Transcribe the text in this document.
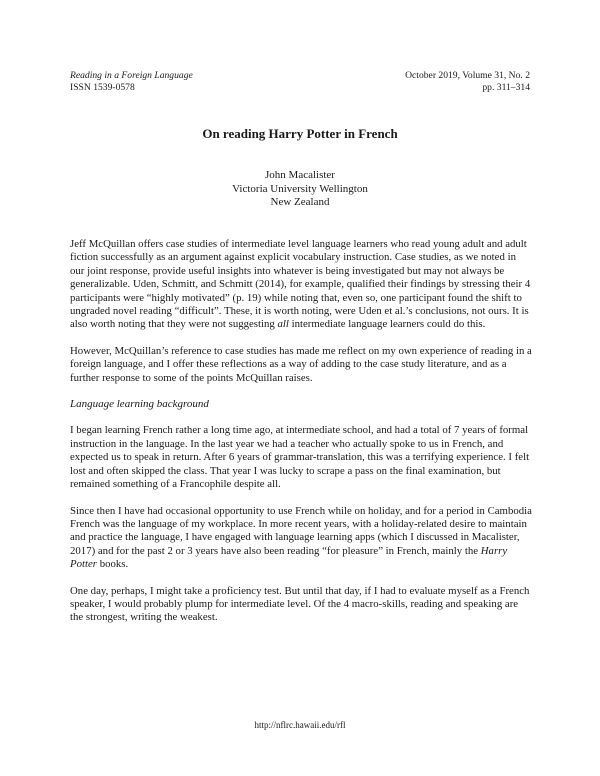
Reading in a Foreign Language
ISSN 1539-0578
October 2019, Volume 31, No. 2
pp. 311–314
On reading Harry Potter in French
John Macalister
Victoria University Wellington
New Zealand

Jeff McQuillan offers case studies of intermediate level language learners who read young adult and adult fiction successfully as an argument against explicit vocabulary instruction. Case studies, as we noted in our joint response, provide useful insights into whatever is being investigated but may not always be generalizable. Uden, Schmitt, and Schmitt (2014), for example, qualified their findings by stressing their 4 participants were “highly motivated” (p. 19) while noting that, even so, one participant found the shift to ungraded novel reading “difficult”. These, it is worth noting, were Uden et al.’s conclusions, not ours. It is also worth noting that they were not suggesting all intermediate language learners could do this.

However, McQuillan’s reference to case studies has made me reflect on my own experience of reading in a foreign language, and I offer these reflections as a way of adding to the case study literature, and as a further response to some of the points McQuillan raises.

Language learning background

I began learning French rather a long time ago, at intermediate school, and had a total of 7 years of formal instruction in the language. In the last year we had a teacher who actually spoke to us in French, and expected us to speak in return. After 6 years of grammar-translation, this was a terrifying experience. I felt lost and often skipped the class. That year I was lucky to scrape a pass on the final examination, but remained something of a Francophile despite all.

Since then I have had occasional opportunity to use French while on holiday, and for a period in Cambodia French was the language of my workplace. In more recent years, with a holiday-related desire to maintain and practice the language, I have engaged with language learning apps (which I discussed in Macalister, 2017) and for the past 2 or 3 years have also been reading “for pleasure” in French, mainly the Harry Potter books.

One day, perhaps, I might take a proficiency test. But until that day, if I had to evaluate myself as a French speaker, I would probably plump for intermediate level. Of the 4 macro-skills, reading and speaking are the strongest, writing the weakest.

http://nflrc.hawaii.edu/rfl
